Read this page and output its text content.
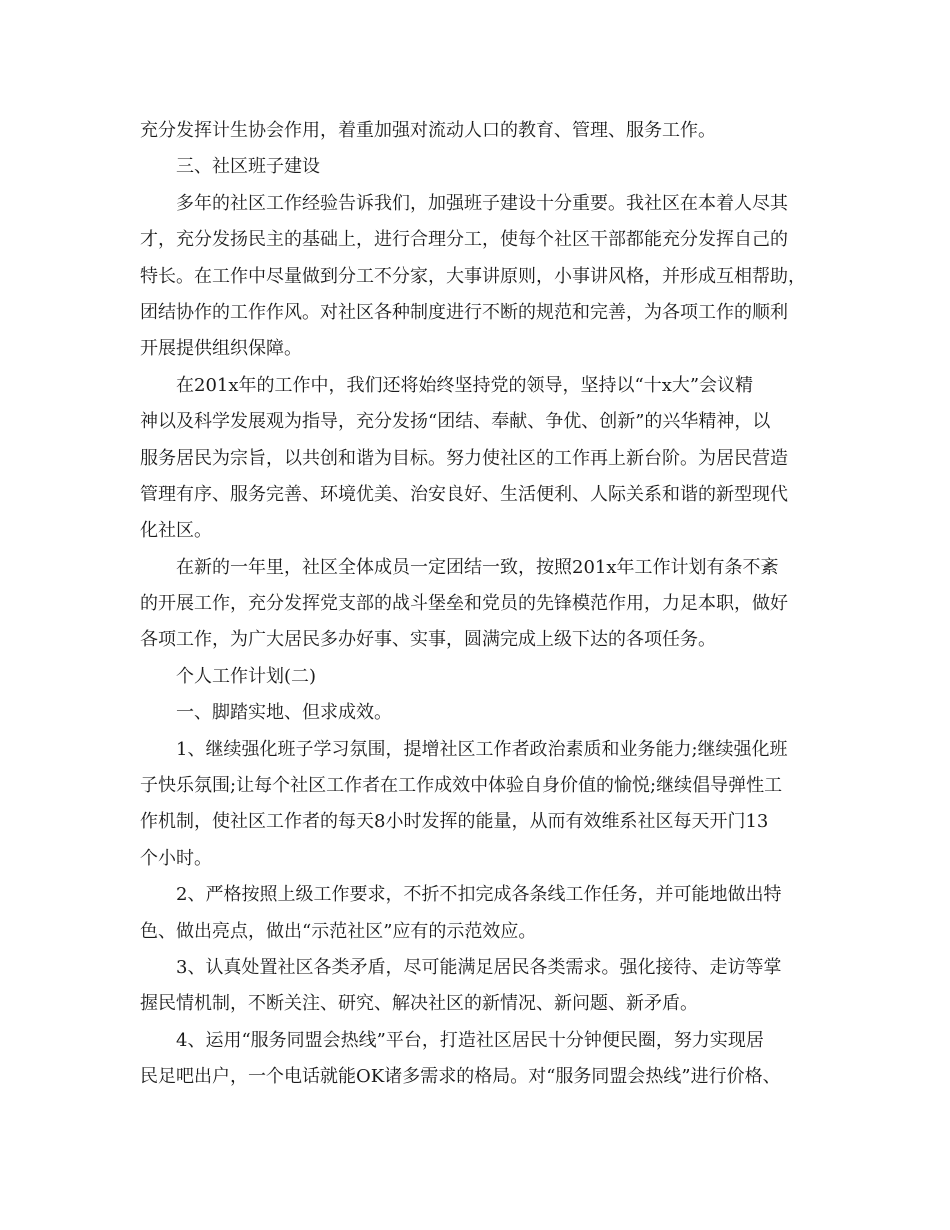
充分发挥计生协会作用，着重加强对流动人口的教育、管理、服务工作。
三、社区班子建设
多年的社区工作经验告诉我们，加强班子建设十分重要。我社区在本着人尽其
才，充分发扬民主的基础上，进行合理分工，使每个社区干部都能充分发挥自己的
特长。在工作中尽量做到分工不分家，大事讲原则，小事讲风格，并形成互相帮助，
团结协作的工作作风。对社区各种制度进行不断的规范和完善，为各项工作的顺利
开展提供组织保障。
在201x年的工作中，我们还将始终坚持党的领导，坚持以“十x大”会议精
神以及科学发展观为指导，充分发扬“团结、奉献、争优、创新”的兴华精神，以
服务居民为宗旨，以共创和谐为目标。努力使社区的工作再上新台阶。为居民营造
管理有序、服务完善、环境优美、治安良好、生活便利、人际关系和谐的新型现代
化社区。
在新的一年里，社区全体成员一定团结一致，按照201x年工作计划有条不紊
的开展工作，充分发挥党支部的战斗堡垒和党员的先锋模范作用，力足本职，做好
各项工作，为广大居民多办好事、实事，圆满完成上级下达的各项任务。
个人工作计划(二)
一、脚踏实地、但求成效。
1、继续强化班子学习氛围，提增社区工作者政治素质和业务能力;继续强化班
子快乐氛围;让每个社区工作者在工作成效中体验自身价值的愉悦;继续倡导弹性工
作机制，使社区工作者的每天8小时发挥的能量，从而有效维系社区每天开门13
个小时。
2、严格按照上级工作要求，不折不扣完成各条线工作任务，并可能地做出特
色、做出亮点，做出“示范社区”应有的示范效应。
3、认真处置社区各类矛盾，尽可能满足居民各类需求。强化接待、走访等掌
握民情机制，不断关注、研究、解决社区的新情况、新问题、新矛盾。
4、运用“服务同盟会热线”平台，打造社区居民十分钟便民圈，努力实现居
民足吧出户，一个电话就能OK诸多需求的格局。对“服务同盟会热线”进行价格、
